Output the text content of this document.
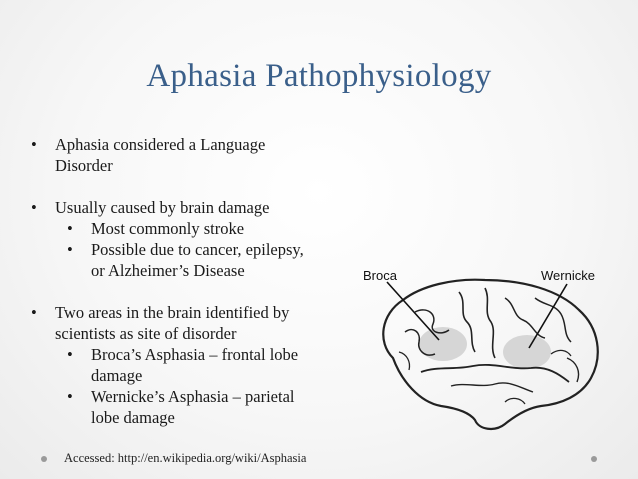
Aphasia Pathophysiology
• Aphasia considered a Language
Disorder
• Usually caused by brain damage
• Most commonly stroke
• Possible due to cancer, epilepsy,
or Alzheimer’s Disease
• Two areas in the brain identified by
scientists as site of disorder
• Broca’s Asphasia – frontal lobe
damage
• Wernicke’s Asphasia – parietal
lobe damage
Broca	Wernicke
Accessed: http://en.wikipedia.org/wiki/Asphasia
